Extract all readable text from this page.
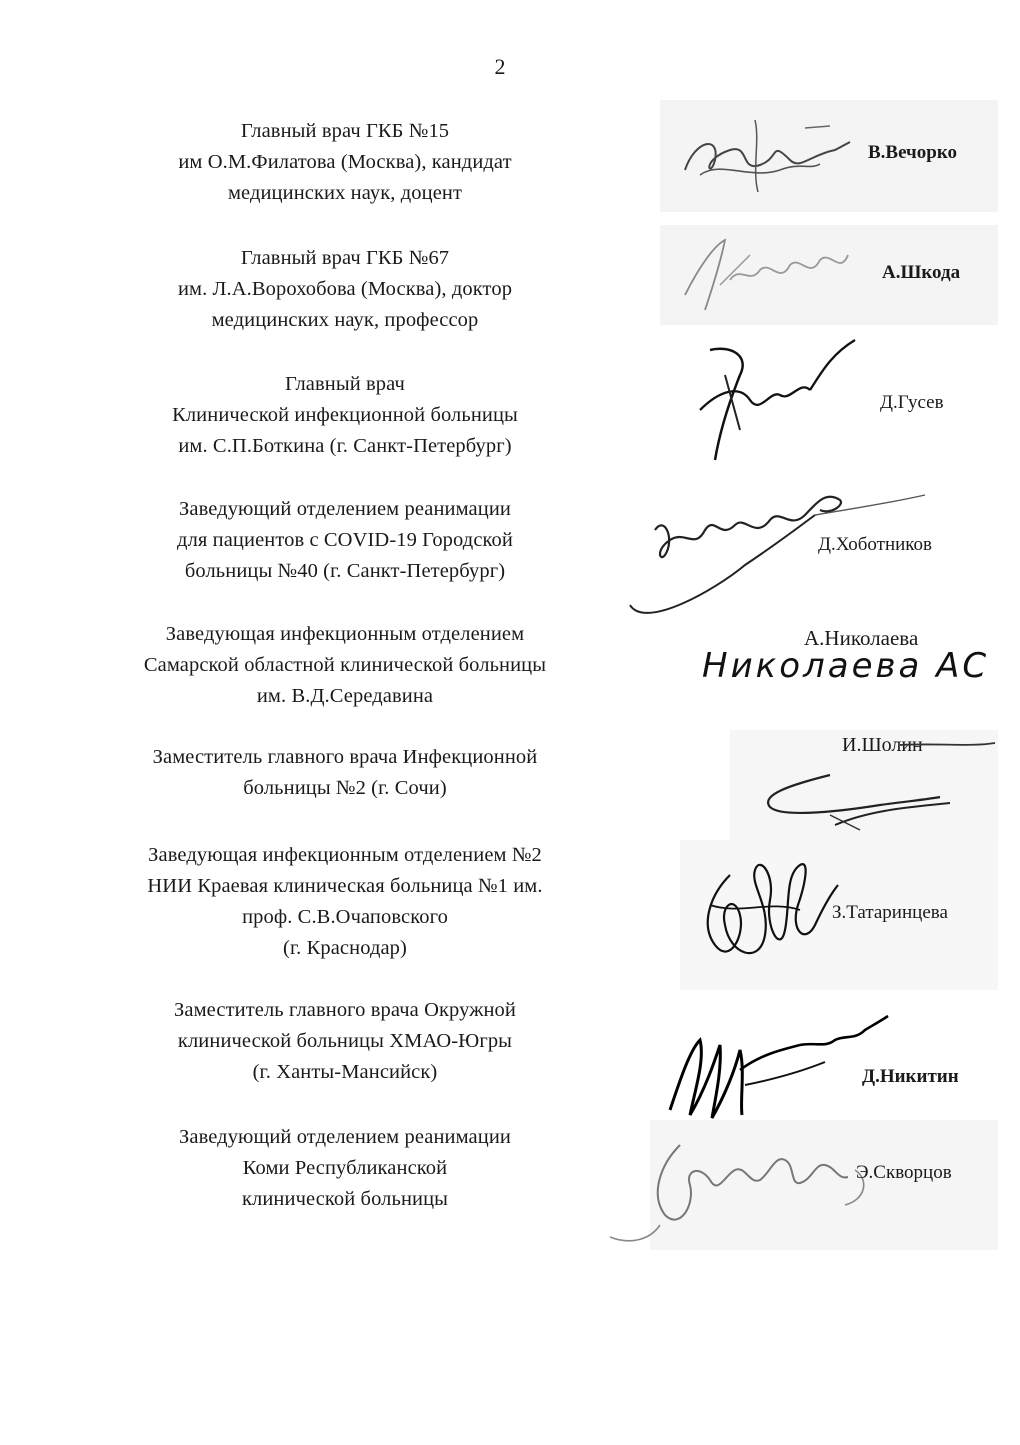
2
Главный врач ГКБ №15
им О.М.Филатова (Москва), кандидат
медицинских наук, доцент
В.Вечорко
Главный врач ГКБ №67
им. Л.А.Ворохобова (Москва), доктор
медицинских наук, профессор
А.Шкода
Главный врач
Клинической инфекционной больницы
им. С.П.Боткина (г. Санкт-Петербург)
Д.Гусев
Заведующий отделением реанимации
для пациентов с COVID-19 Городской
больницы №40 (г. Санкт-Петербург)
Д.Хоботников
Заведующая инфекционным отделением
Самарской областной клинической больницы
им. В.Д.Середавина
А.Николаева
Николаева АС
Заместитель главного врача Инфекционной
больницы №2 (г. Сочи)
И.Шолин
Заведующая инфекционным отделением №2
НИИ Краевая клиническая больница №1 им.
проф. С.В.Очаповского
(г. Краснодар)
З.Татаринцева
Заместитель главного врача Окружной
клинической больницы ХМАО-Югры
(г. Ханты-Мансийск)	Д.Никитин
Заведующий отделением реанимации
Коми Республиканской
клинической больницы
Э.Скворцов
